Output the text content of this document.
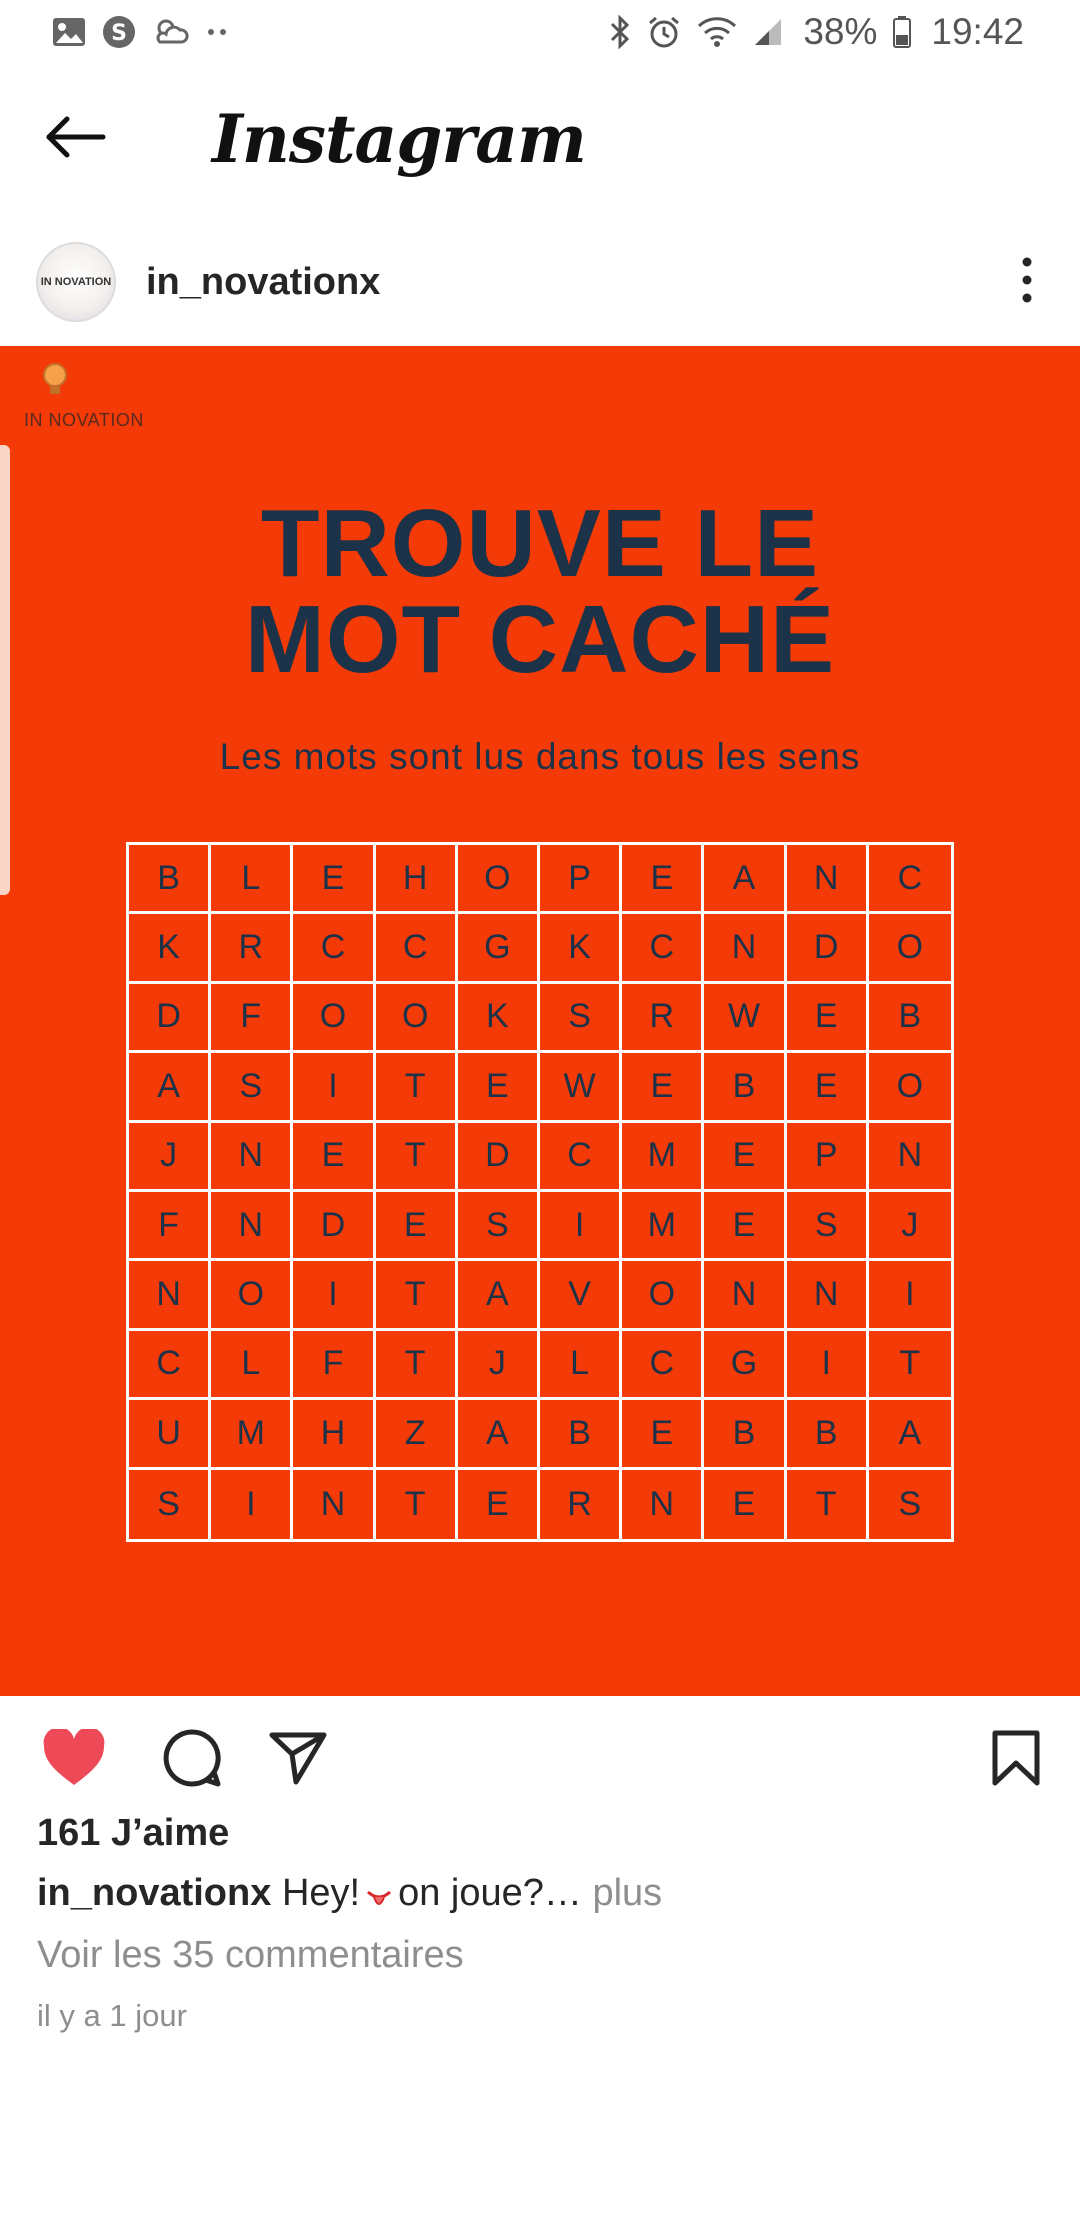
S	38% 19:42
Instagram
IN NOVATION in_novationx
IN NOVATION
TROUVE LE
MOT CACHÉ
Les mots sont lus dans tous les sens
B	L	E	H	O	P	E	A	N	C
K	R	C	C	G	K	C	N	D	O
D	F	O	O	K	S	R	W	E	B
A	S	I	T	E	W	E	B	E	O
J	N	E	T	D	C	M	E	P	N
F	N	D	E	S	I	M	E	S	J
N	O	I	T	A	V	O	N	N	I
C	L	F	T	J	L	C	G	I	T
U	M	H	Z	A	B	E	B	B	A
S	I	N	T	E	R	N	E	T	S
161 J’aime
in_novationx Hey! on joue?… plus
Voir les 35 commentaires
il y a 1 jour
